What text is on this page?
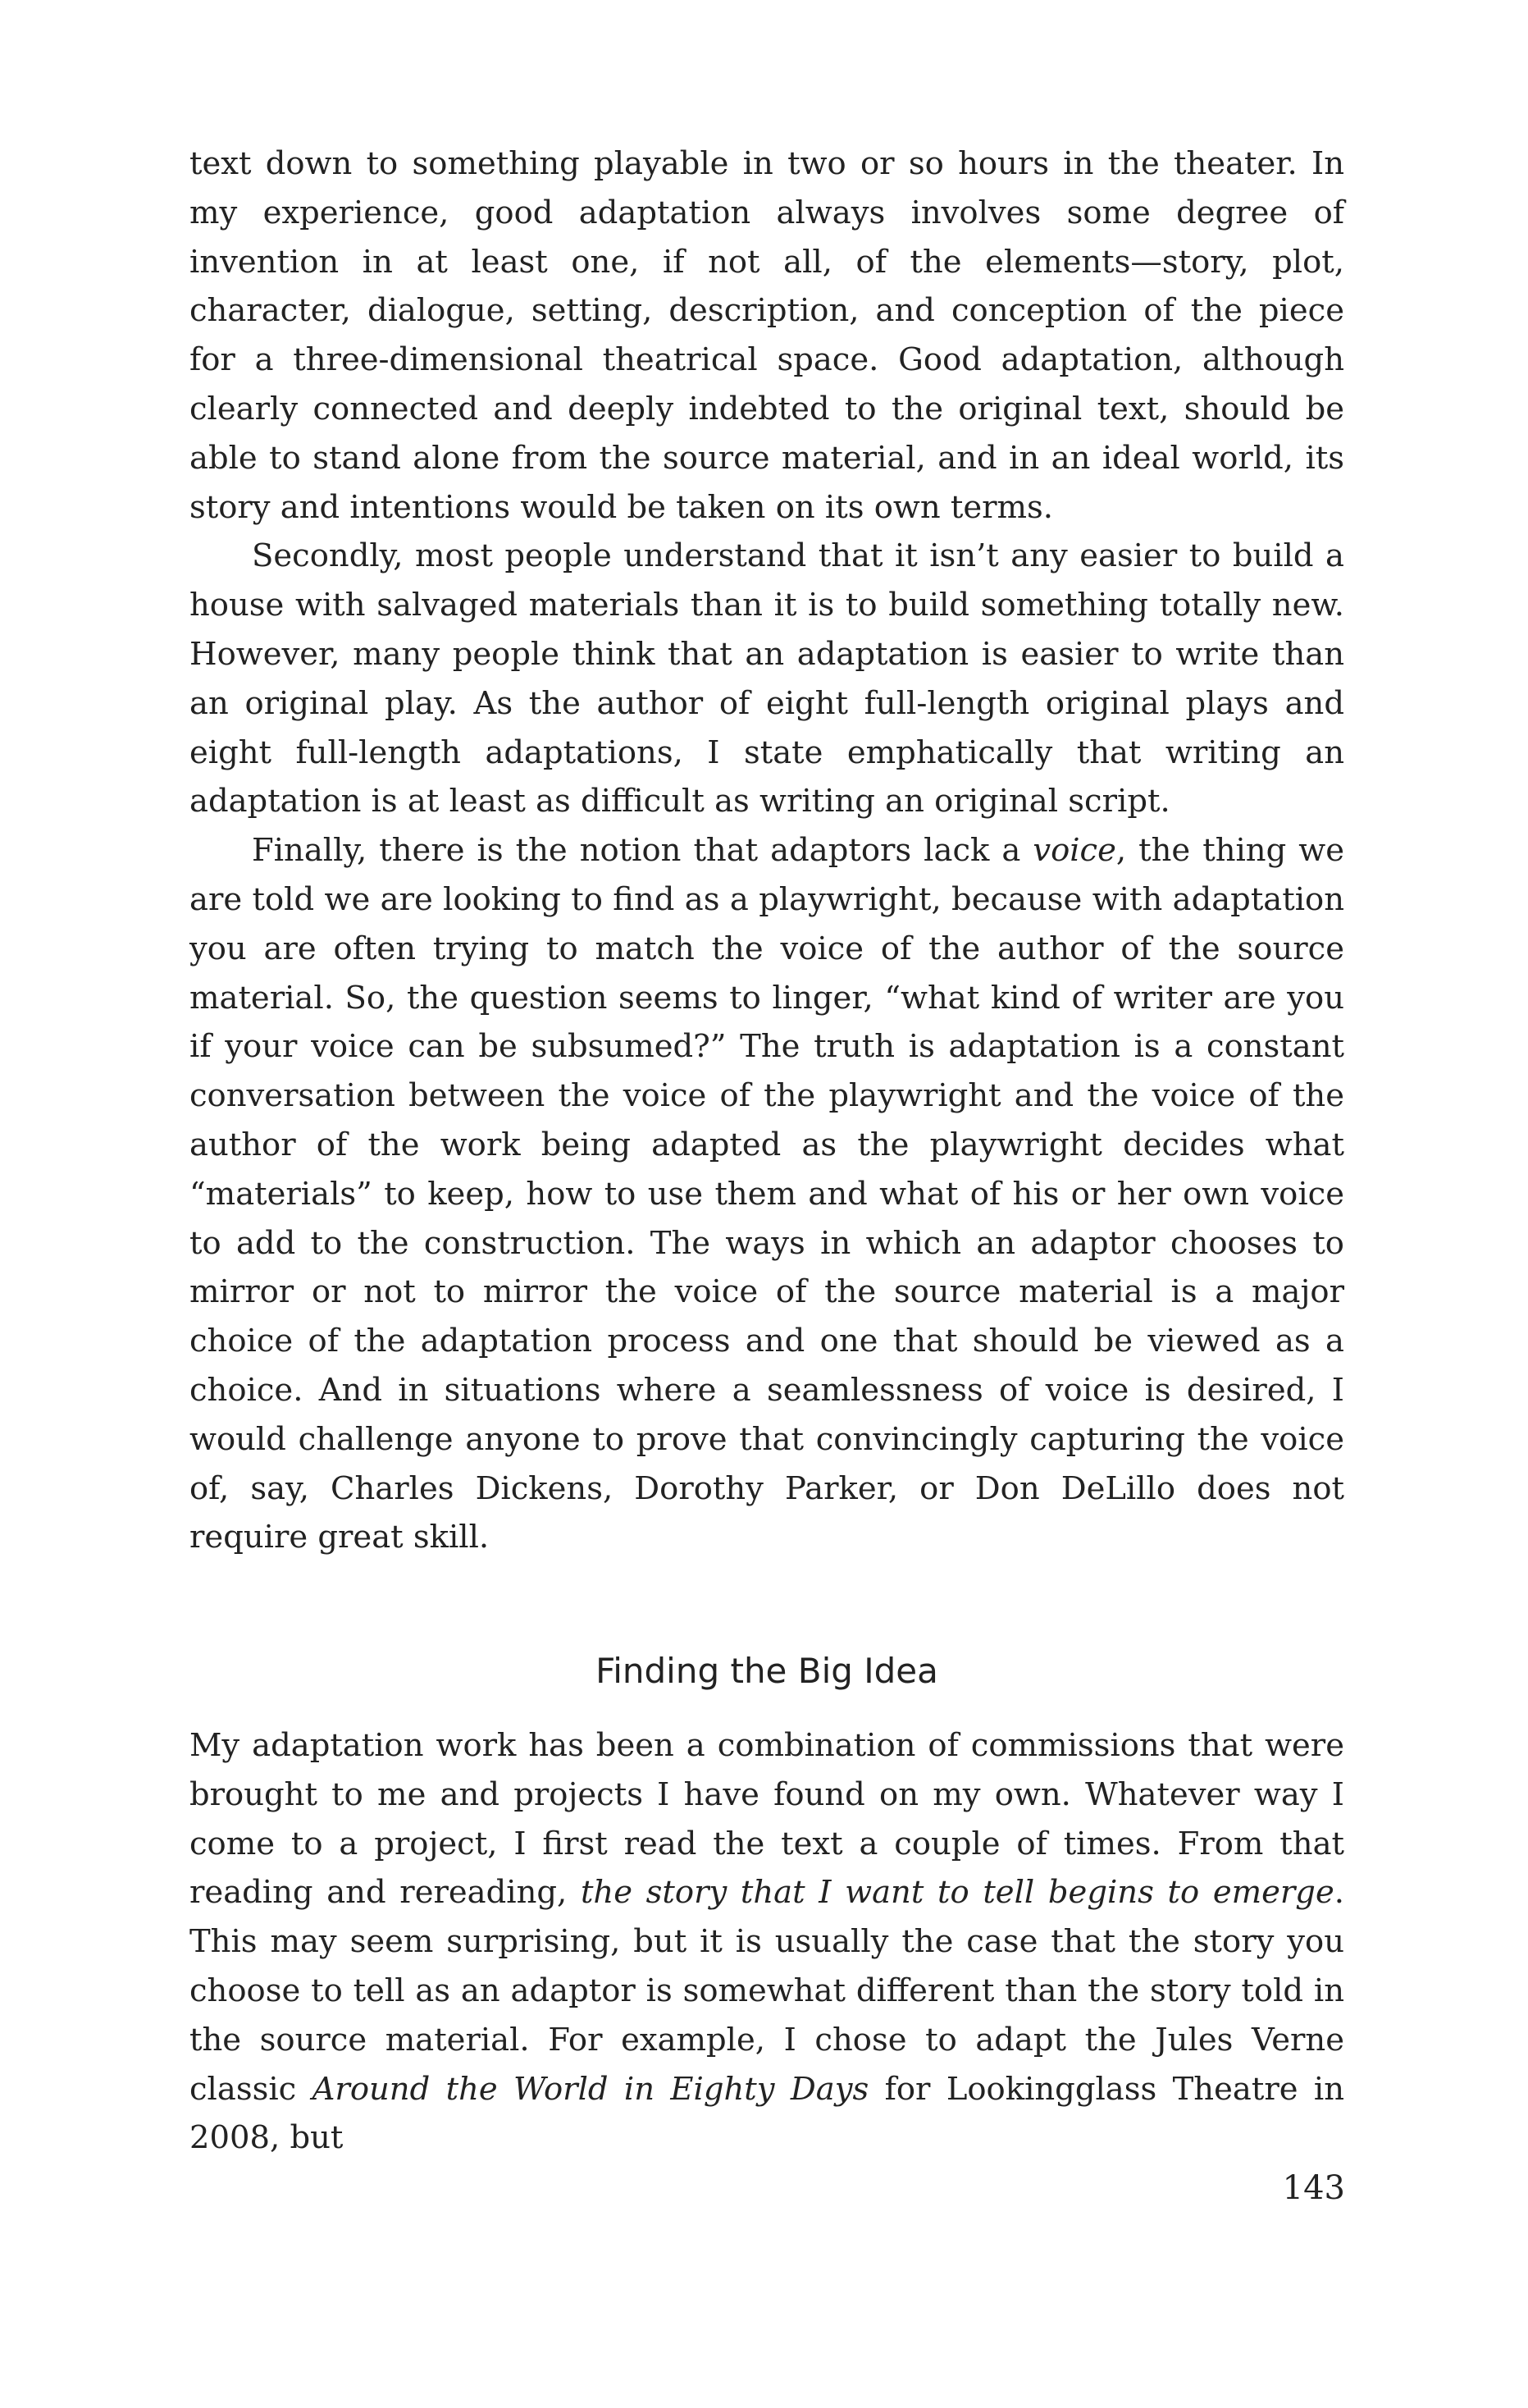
text down to something playable in two or so hours in the theater. In my experience, good adaptation always involves some degree of invention in at least one, if not all, of the elements—story, plot, character, dialogue, setting, description, and conception of the piece for a three-dimensional theatrical space. Good adaptation, although clearly connected and deeply indebted to the original text, should be able to stand alone from the source material, and in an ideal world, its story and intentions would be taken on its own terms.

Secondly, most people understand that it isn’t any easier to build a house with salvaged materials than it is to build something totally new. However, many people think that an adaptation is easier to write than an original play. As the author of eight full-length original plays and eight full-length adaptations, I state emphatically that writing an adaptation is at least as difficult as writing an original script.

Finally, there is the notion that adaptors lack a voice, the thing we are told we are looking to find as a playwright, because with adaptation you are often trying to match the voice of the author of the source material. So, the question seems to linger, “what kind of writer are you if your voice can be subsumed?” The truth is adaptation is a constant conversation between the voice of the playwright and the voice of the author of the work being adapted as the playwright decides what “materials” to keep, how to use them and what of his or her own voice to add to the construction. The ways in which an adaptor chooses to mirror or not to mirror the voice of the source material is a major choice of the adaptation process and one that should be viewed as a choice. And in situations where a seamlessness of voice is desired, I would challenge anyone to prove that convincingly capturing the voice of, say, Charles Dickens, Dorothy Parker, or Don DeLillo does not require great skill.

Finding the Big Idea

My adaptation work has been a combination of commissions that were brought to me and projects I have found on my own. Whatever way I come to a project, I first read the text a couple of times. From that reading and rereading, the story that I want to tell begins to emerge. This may seem surprising, but it is usually the case that the story you choose to tell as an adaptor is somewhat different than the story told in the source material. For example, I chose to adapt the Jules Verne classic Around the World in Eighty Days for Lookingglass Theatre in 2008, but

143
